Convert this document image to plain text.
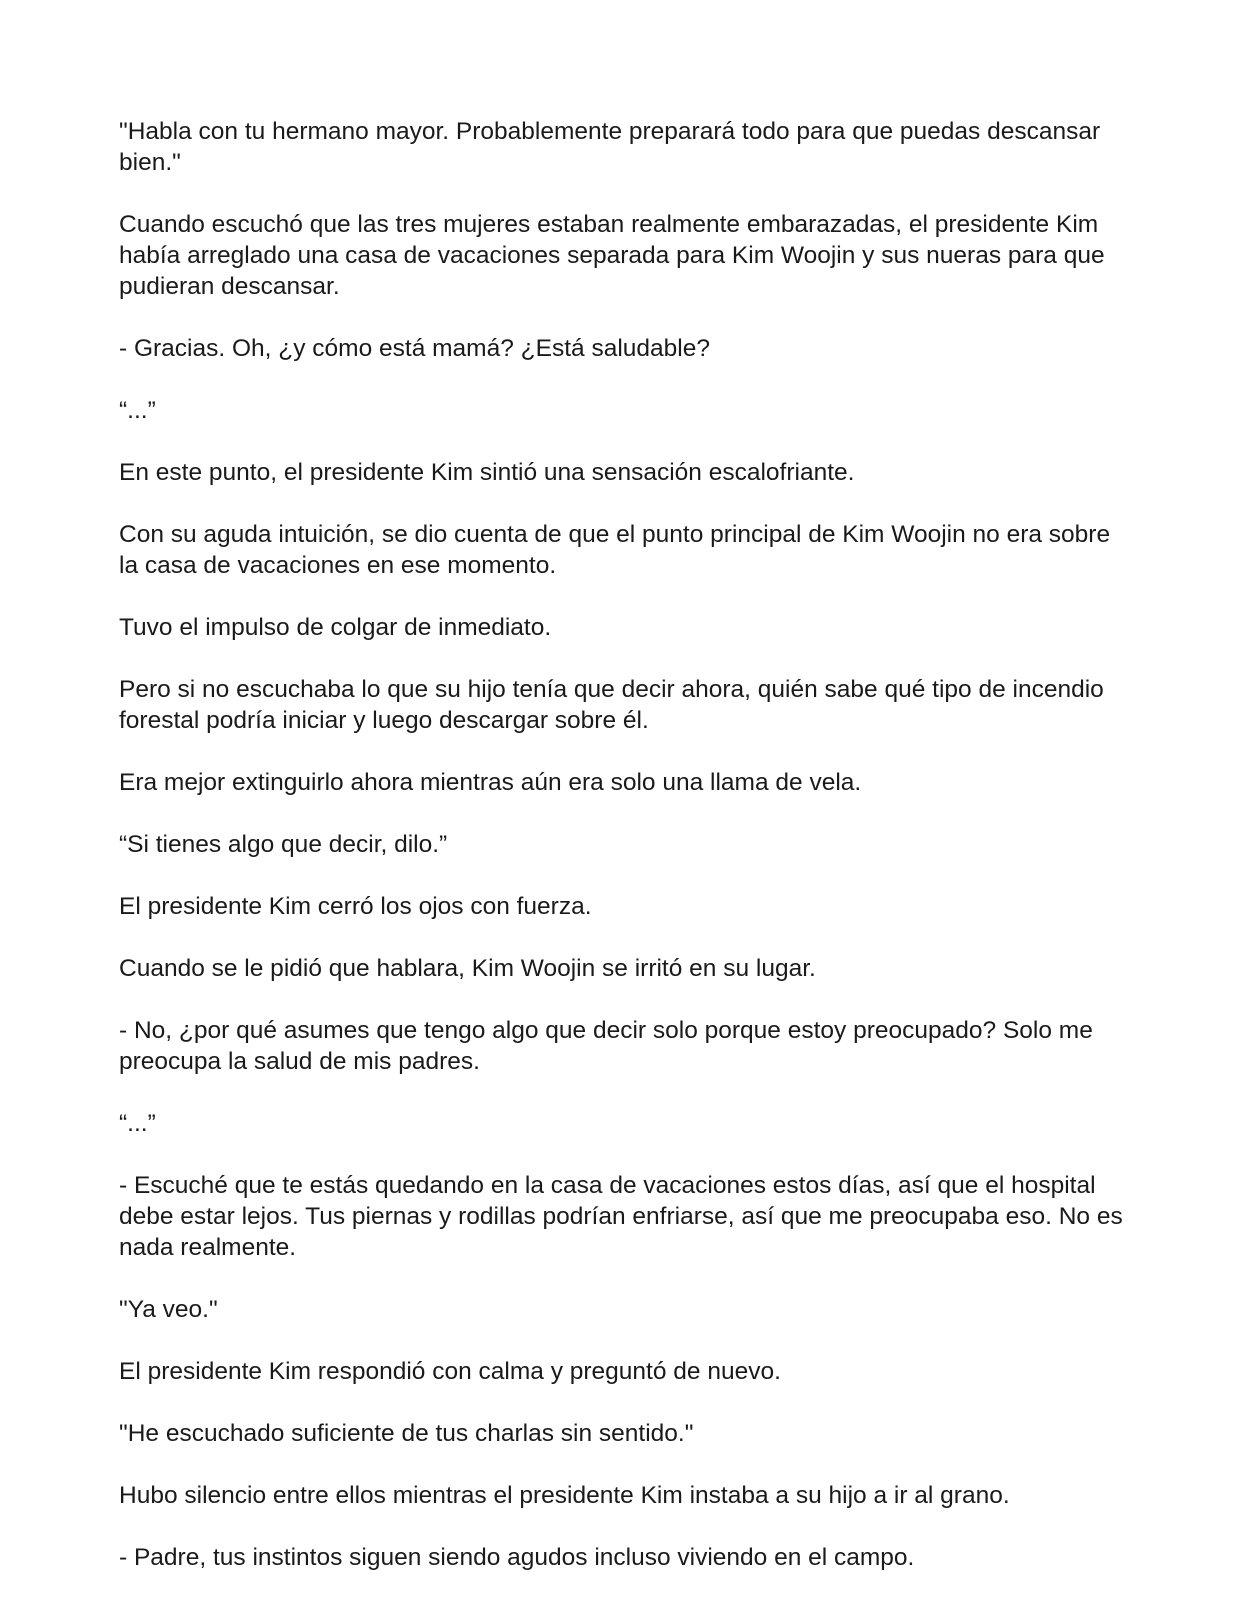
"Habla con tu hermano mayor. Probablemente preparará todo para que puedas descansar bien."

Cuando escuchó que las tres mujeres estaban realmente embarazadas, el presidente Kim había arreglado una casa de vacaciones separada para Kim Woojin y sus nueras para que pudieran descansar.

- Gracias. Oh, ¿y cómo está mamá? ¿Está saludable?

“...”

En este punto, el presidente Kim sintió una sensación escalofriante.

Con su aguda intuición, se dio cuenta de que el punto principal de Kim Woojin no era sobre la casa de vacaciones en ese momento.

Tuvo el impulso de colgar de inmediato.

Pero si no escuchaba lo que su hijo tenía que decir ahora, quién sabe qué tipo de incendio forestal podría iniciar y luego descargar sobre él.

Era mejor extinguirlo ahora mientras aún era solo una llama de vela.

“Si tienes algo que decir, dilo.”

El presidente Kim cerró los ojos con fuerza.

Cuando se le pidió que hablara, Kim Woojin se irritó en su lugar.

- No, ¿por qué asumes que tengo algo que decir solo porque estoy preocupado? Solo me preocupa la salud de mis padres.

“...”

- Escuché que te estás quedando en la casa de vacaciones estos días, así que el hospital debe estar lejos. Tus piernas y rodillas podrían enfriarse, así que me preocupaba eso. No es nada realmente.

"Ya veo."

El presidente Kim respondió con calma y preguntó de nuevo.

"He escuchado suficiente de tus charlas sin sentido."

Hubo silencio entre ellos mientras el presidente Kim instaba a su hijo a ir al grano.

- Padre, tus instintos siguen siendo agudos incluso viviendo en el campo.
